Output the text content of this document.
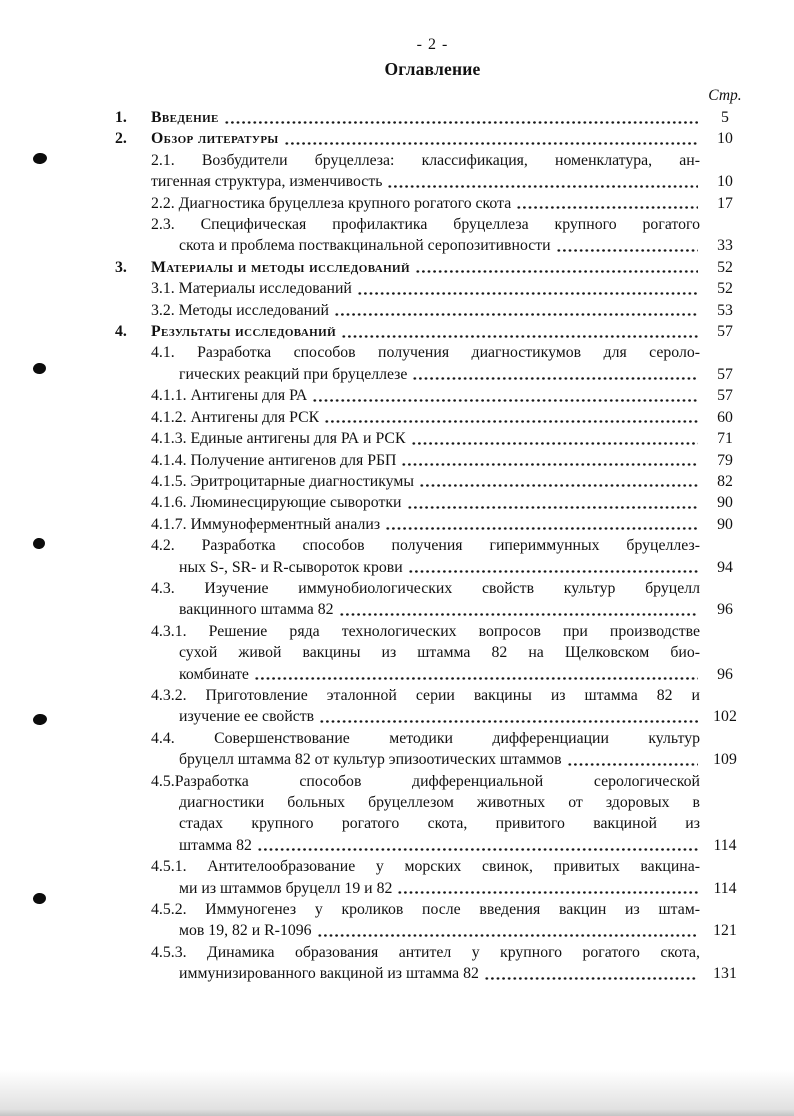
- 2 -
Оглавление
Стр.
1.	Введение	5
2.	Обзор литературы	10
2.1. Возбудители бруцеллеза: классификация, номенклатура, ан-
тигенная структура, изменчивость	10
2.2. Диагностика бруцеллеза крупного рогатого скота	17
2.3. Специфическая профилактика бруцеллеза крупного рогатого
скота и проблема поствакцинальной серопозитивности	33
3.	Материалы и методы исследований	52
3.1. Материалы исследований	52
3.2. Методы исследований	53
4.	Результаты исследований	57
4.1. Разработка способов получения диагностикумов для сероло-
гических реакций при бруцеллезе	57
4.1.1. Антигены для РА	57
4.1.2. Антигены для РСК	60
4.1.3. Единые антигены для РА и РСК	71
4.1.4. Получение антигенов для РБП	79
4.1.5. Эритроцитарные диагностикумы	82
4.1.6. Люминесцирующие сыворотки	90
4.1.7. Иммуноферментный анализ	90
4.2. Разработка способов получения гипериммунных бруцеллез-
ных S-, SR- и R-сывороток крови	94
4.3. Изучение иммунобиологических свойств культур бруцелл
вакцинного штамма 82	96
4.3.1. Решение ряда технологических вопросов при производстве
сухой живой вакцины из штамма 82 на Щелковском био-
комбинате	96
4.3.2. Приготовление эталонной серии вакцины из штамма 82 и
изучение ее свойств	102
4.4. Совершенствование методики дифференциации культур
бруцелл штамма 82 от культур эпизоотических штаммов	109
4.5.Разработка способов дифференциальной серологической
диагностики больных бруцеллезом животных от здоровых в
стадах крупного рогатого скота, привитого вакциной из
штамма 82	114
4.5.1. Антителообразование у морских свинок, привитых вакцина-
ми из штаммов бруцелл 19 и 82	114
4.5.2. Иммуногенез у кроликов после введения вакцин из штам-
мов 19, 82 и R-1096	121
4.5.3. Динамика образования антител у крупного рогатого скота,
иммунизированного вакциной из штамма 82	131
